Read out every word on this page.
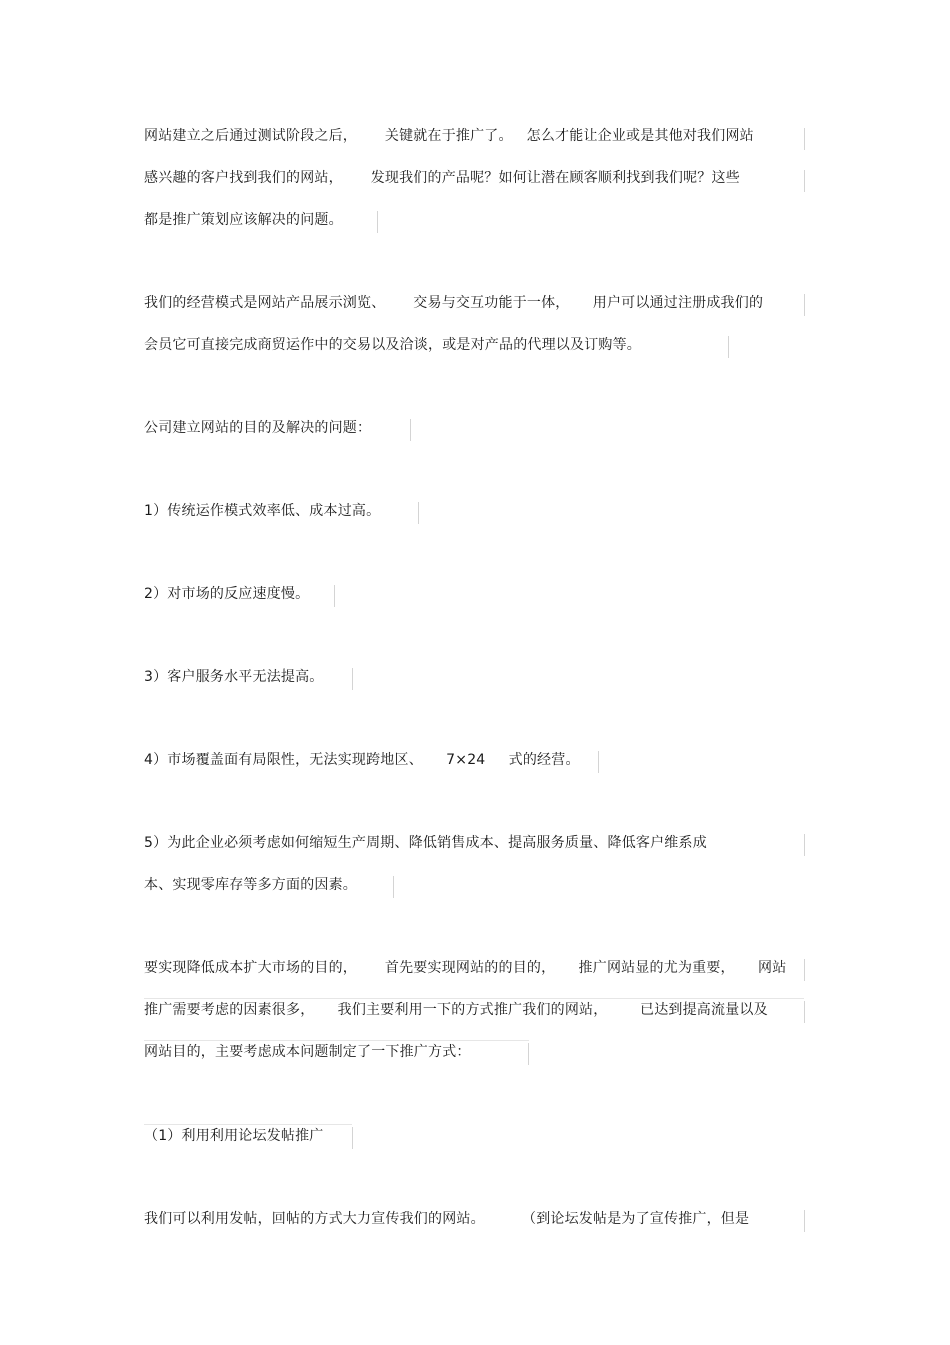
网站建立之后通过测试阶段之后，      关键就在于推广了。   怎么才能让企业或是其他对我们网站
感兴趣的客户找到我们的网站，      发现我们的产品呢？如何让潜在顾客顺利找到我们呢？这些
都是推广策划应该解决的问题。
我们的经营模式是网站产品展示浏览、      交易与交互功能于一体，     用户可以通过注册成我们的
会员它可直接完成商贸运作中的交易以及洽谈，或是对产品的代理以及订购等。
公司建立网站的目的及解决的问题：
1）传统运作模式效率低、成本过高。
2）对市场的反应速度慢。
3）客户服务水平无法提高。
4）市场覆盖面有局限性，无法实现跨地区、     7×24     式的经营。
5）为此企业必须考虑如何缩短生产周期、降低销售成本、提高服务质量、降低客户维系成
本、实现零库存等多方面的因素。
要实现降低成本扩大市场的目的，      首先要实现网站的的目的，     推广网站显的尤为重要，     网站
推广需要考虑的因素很多，     我们主要利用一下的方式推广我们的网站，       已达到提高流量以及
网站目的，主要考虑成本问题制定了一下推广方式：
（1）利用利用论坛发帖推广
我们可以利用发帖，回帖的方式大力宣传我们的网站。        （到论坛发帖是为了宣传推广，但是
